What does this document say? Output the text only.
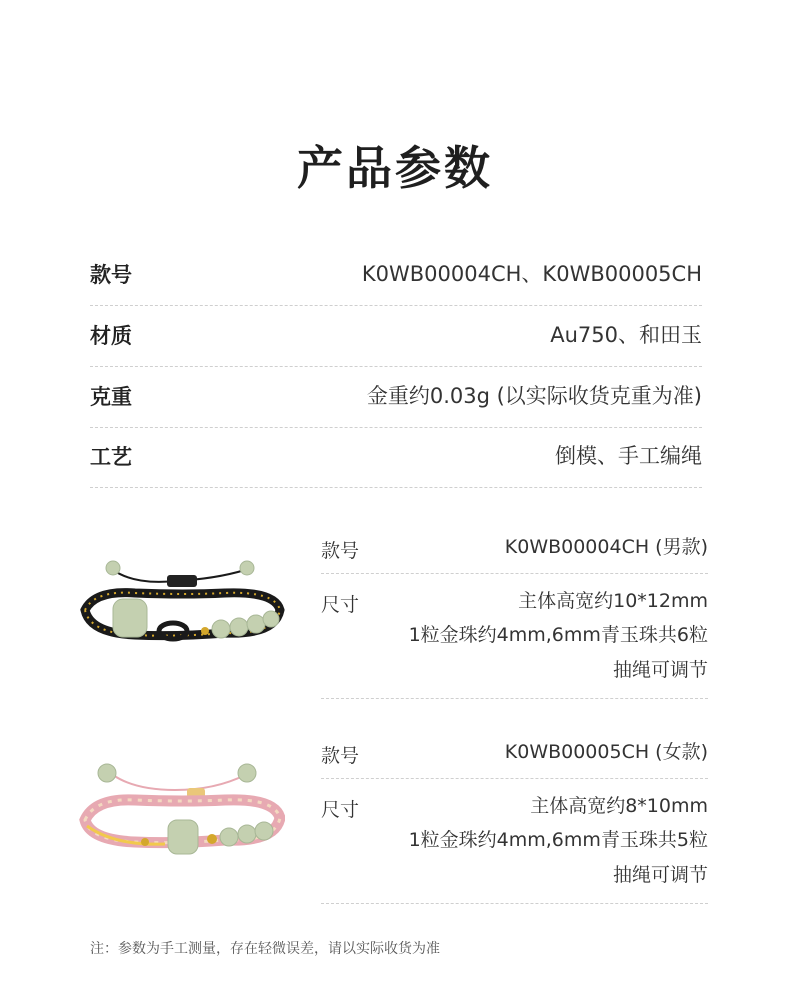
产品参数
款号	K0WB00004CH、K0WB00005CH
材质	Au750、和田玉
克重	金重约0.03g (以实际收货克重为准)
工艺	倒模、手工编绳
款号	K0WB00004CH (男款)
尺寸	主体高宽约10*12mm
1粒金珠约4mm,6mm青玉珠共6粒
抽绳可调节
款号	K0WB00005CH (女款)
尺寸	主体高宽约8*10mm
1粒金珠约4mm,6mm青玉珠共5粒
抽绳可调节
注：参数为手工测量，存在轻微误差，请以实际收货为准
